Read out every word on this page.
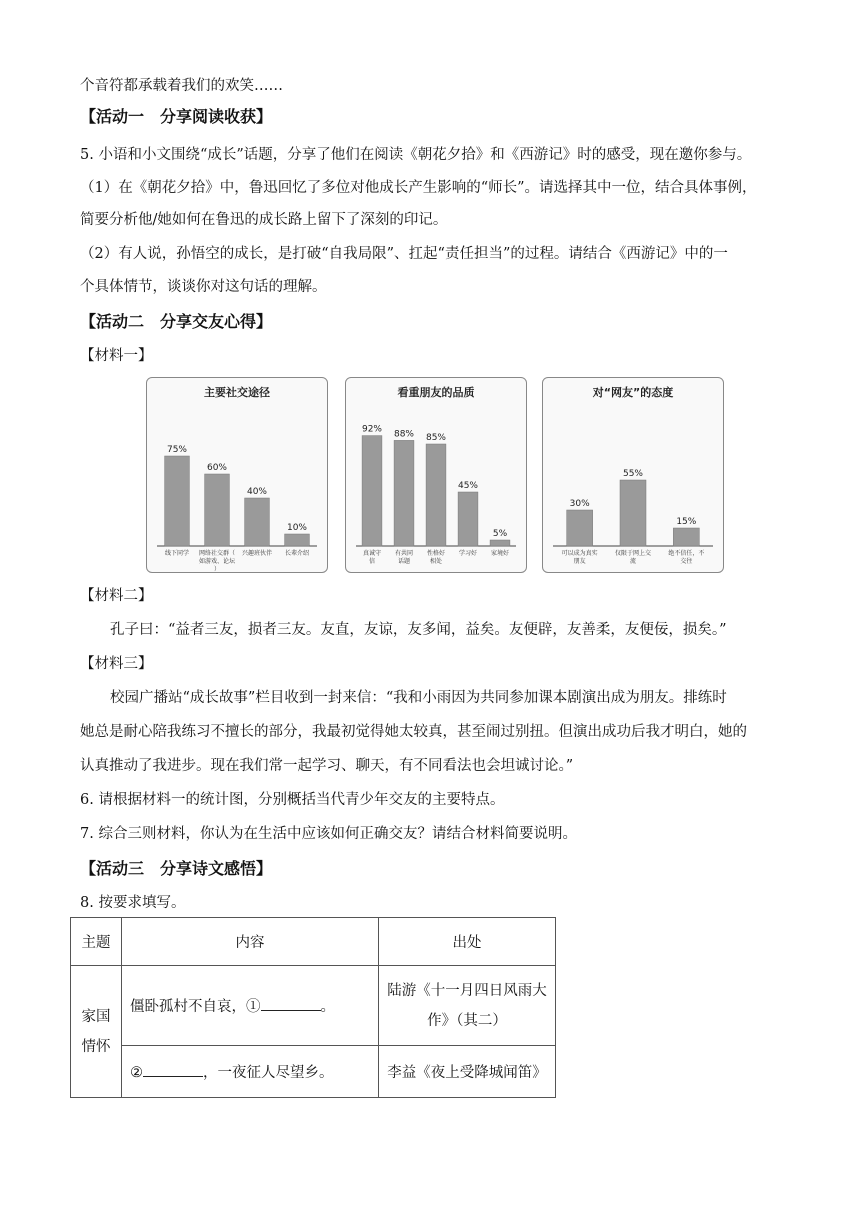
个音符都承载着我们的欢笑……
【活动一　分享阅读收获】
5. 小语和小文围绕“成长”话题，分享了他们在阅读《朝花夕拾》和《西游记》时的感受，现在邀你参与。
（1）在《朝花夕拾》中，鲁迅回忆了多位对他成长产生影响的“师长”。请选择其中一位，结合具体事例，
简要分析他/她如何在鲁迅的成长路上留下了深刻的印记。
（2）有人说，孙悟空的成长，是打破“自我局限”、扛起“责任担当”的过程。请结合《西游记》中的一
个具体情节，谈谈你对这句话的理解。
【活动二　分享交友心得】
【材料一】
主要社交途径
75%
线下同学
60%
网络社交群（
如游戏、论坛
）
40%
兴趣班伙伴
10%
长辈介绍
看重朋友的品质
92%
真诚守
信
88%
有共同
话题
85%
性格好
相处
45%
学习好
5%
家境好
对“网友”的态度
30%
可以成为真实
朋友
55%
仅限于网上交
流
15%
绝不信任，不
交往
【材料二】
孔子曰：“益者三友，损者三友。友直，友谅，友多闻，益矣。友便辟，友善柔，友便佞，损矣。”
【材料三】
校园广播站“成长故事”栏目收到一封来信：“我和小雨因为共同参加课本剧演出成为朋友。排练时
她总是耐心陪我练习不擅长的部分，我最初觉得她太较真，甚至闹过别扭。但演出成功后我才明白，她的
认真推动了我进步。现在我们常一起学习、聊天，有不同看法也会坦诚讨论。”
6. 请根据材料一的统计图，分别概括当代青少年交友的主要特点。
7. 综合三则材料，你认为在生活中应该如何正确交友？请结合材料简要说明。
【活动三　分享诗文感悟】
8. 按要求填写。
主题	内容	出处
家国情怀	僵卧孤村不自哀，① 。	陆游《十一月四日风雨大作》（其二）
	② ，一夜征人尽望乡。	李益《夜上受降城闻笛》
